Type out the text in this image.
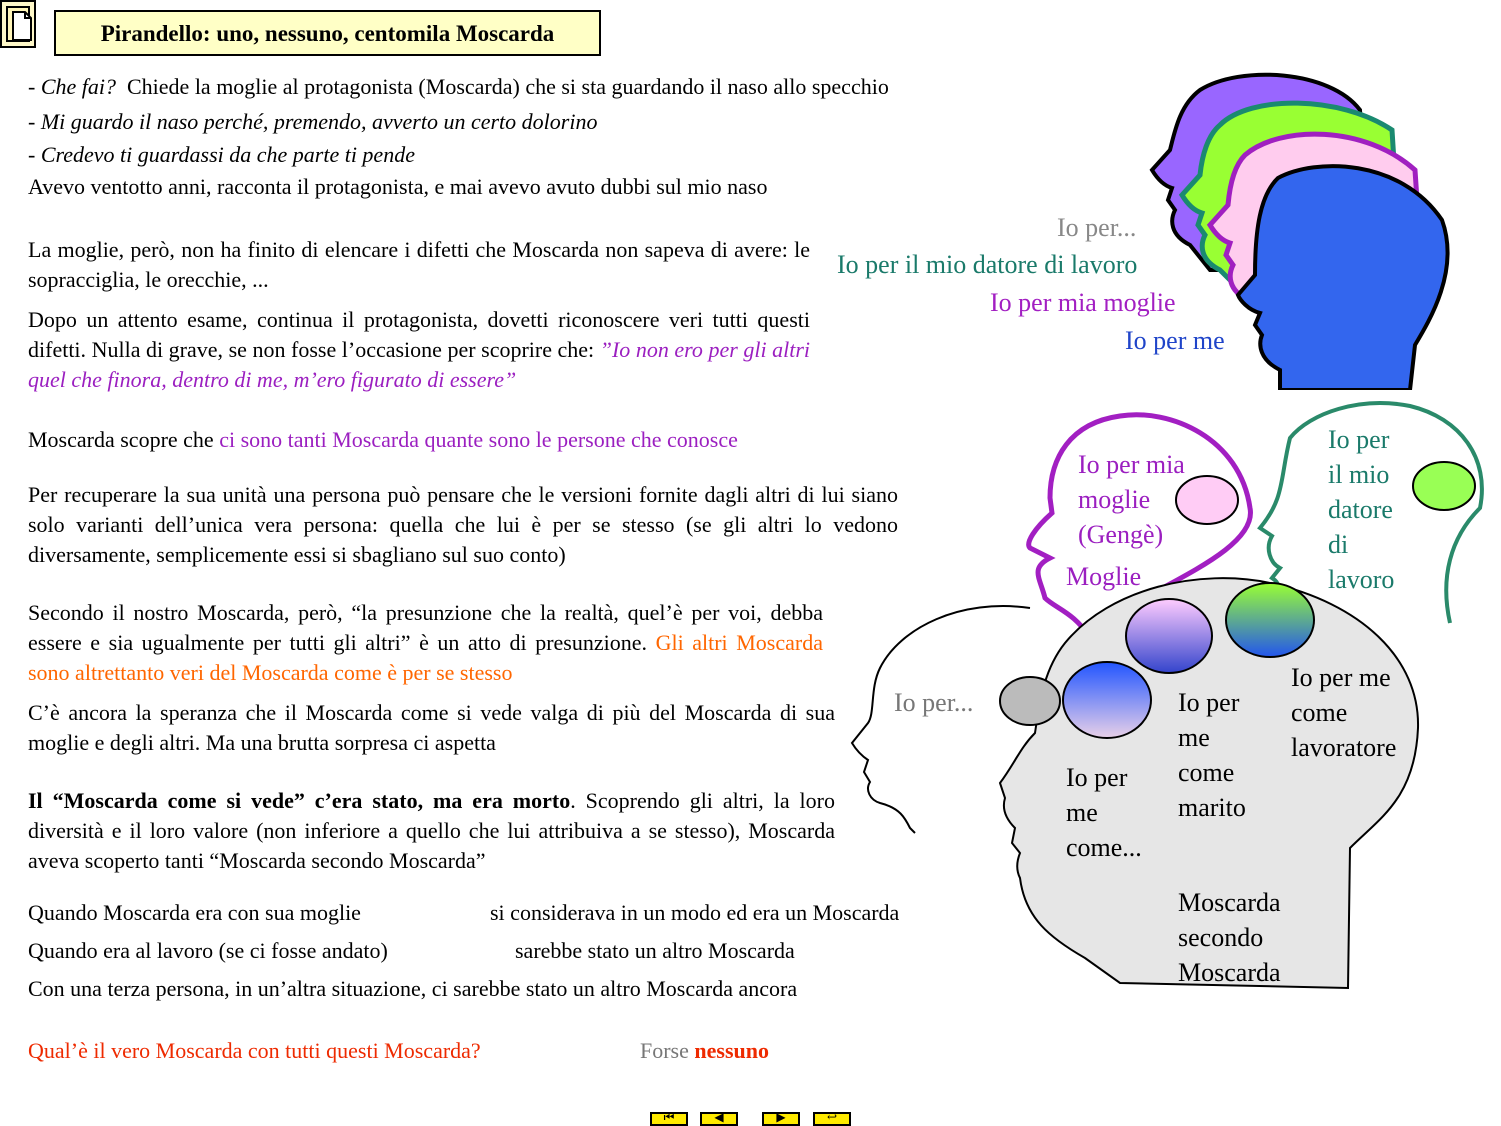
Pirandello: uno, nessuno, centomila Moscarda
- Che fai? Chiede la moglie al protagonista (Moscarda) che si sta guardando il naso allo specchio
- Mi guardo il naso perché, premendo, avverto un certo dolorino
- Credevo ti guardassi da che parte ti pende
Avevo ventotto anni, racconta il protagonista, e mai avevo avuto dubbi sul mio naso
La moglie, però, non ha finito di elencare i difetti che Moscarda non sapeva di avere: le sopracciglia, le orecchie, ...
Dopo un attento esame, continua il protagonista, dovetti riconoscere veri tutti questi difetti. Nulla di grave, se non fosse l’occasione per scoprire che: ”Io non ero per gli altri quel che finora, dentro di me, m’ero figurato di essere”
Moscarda scopre che ci sono tanti Moscarda quante sono le persone che conosce
Per recuperare la sua unità una persona può pensare che le versioni fornite dagli altri di lui siano solo varianti dell’unica vera persona: quella che lui è per se stesso (se gli altri lo vedono diversamente, semplicemente essi si sbagliano sul suo conto)
Secondo il nostro Moscarda, però, “la presunzione che la realtà, quel’è per voi, debba essere e sia ugualmente per tutti gli altri” è un atto di presunzione. Gli altri Moscarda sono altrettanto veri del Moscarda come è per se stesso
C’è ancora la speranza che il Moscarda come si vede valga di più del Moscarda di sua moglie e degli altri. Ma una brutta sorpresa ci aspetta
Il “Moscarda come si vede” c’era stato, ma era morto. Scoprendo gli altri, la loro diversità e il loro valore (non inferiore a quello che lui attribuiva a se stesso), Moscarda aveva scoperto tanti “Moscarda secondo Moscarda”
Quando Moscarda era con sua moglie	si considerava in un modo ed era un Moscarda
Quando era al lavoro (se ci fosse andato)	sarebbe stato un altro Moscarda
Con una terza persona, in un’altra situazione, ci sarebbe stato un altro Moscarda ancora
Qual’è il vero Moscarda con tutti questi Moscarda?	Forse nessuno
Io per...
Io per il mio datore di lavoro
Io per mia moglie
Io per me
Io per mia
moglie
(Gengè)
Moglie
Io per
il mio
datore
di
lavoro
Io per...
Io per
me
come...
Io per
me
come
marito
Io per me
come
lavoratore
Moscarda
secondo
Moscarda
⏮	◀	▶	↩
